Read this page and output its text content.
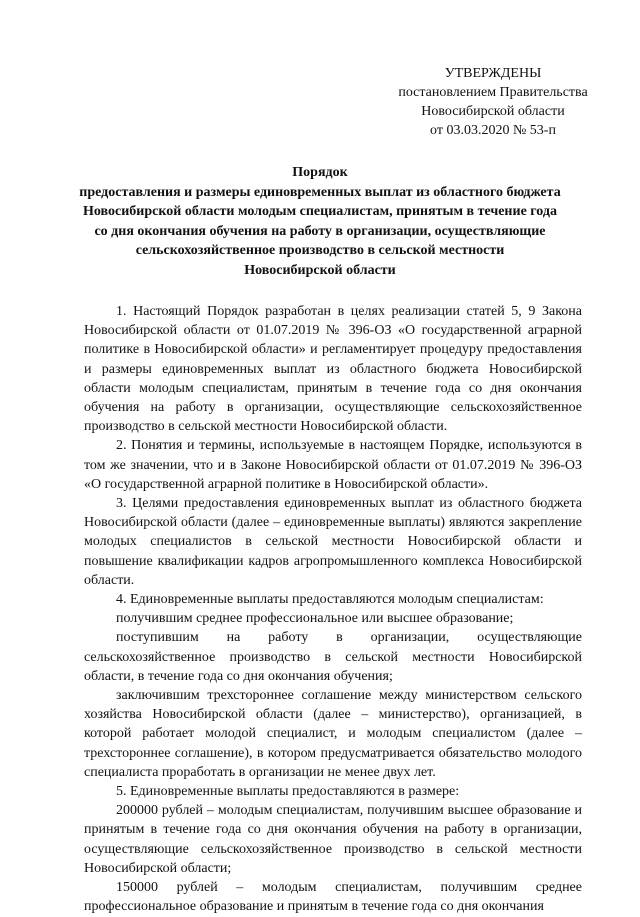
УТВЕРЖДЕНЫ
постановлением Правительства
Новосибирской области
от 03.03.2020 № 53-п
Порядок
предоставления и размеры единовременных выплат из областного бюджета
Новосибирской области молодым специалистам, принятым в течение года
со дня окончания обучения на работу в организации, осуществляющие
сельскохозяйственное производство в сельской местности
Новосибирской области

1. Настоящий Порядок разработан в целях реализации статей 5, 9 Закона Новосибирской области от 01.07.2019 № 396-ОЗ «О государственной аграрной политике в Новосибирской области» и регламентирует процедуру предоставления и размеры единовременных выплат из областного бюджета Новосибирской области молодым специалистам, принятым в течение года со дня окончания обучения на работу в организации, осуществляющие сельскохозяйственное производство в сельской местности Новосибирской области.

2. Понятия и термины, используемые в настоящем Порядке, используются в том же значении, что и в Законе Новосибирской области от 01.07.2019 № 396-ОЗ «О государственной аграрной политике в Новосибирской области».

3. Целями предоставления единовременных выплат из областного бюджета Новосибирской области (далее – единовременные выплаты) являются закрепление молодых специалистов в сельской местности Новосибирской области и повышение квалификации кадров агропромышленного комплекса Новосибирской области.

4. Единовременные выплаты предоставляются молодым специалистам:

получившим среднее профессиональное или высшее образование;

поступившим на работу в организации, осуществляющие сельскохозяйственное производство в сельской местности Новосибирской области, в течение года со дня окончания обучения;

заключившим трехстороннее соглашение между министерством сельского хозяйства Новосибирской области (далее – министерство), организацией, в которой работает молодой специалист, и молодым специалистом (далее – трехстороннее соглашение), в котором предусматривается обязательство молодого специалиста проработать в организации не менее двух лет.

5. Единовременные выплаты предоставляются в размере:

200000 рублей – молодым специалистам, получившим высшее образование и принятым в течение года со дня окончания обучения на работу в организации, осуществляющие сельскохозяйственное производство в сельской местности Новосибирской области;

150000 рублей – молодым специалистам, получившим среднее профессиональное образование и принятым в течение года со дня окончания
